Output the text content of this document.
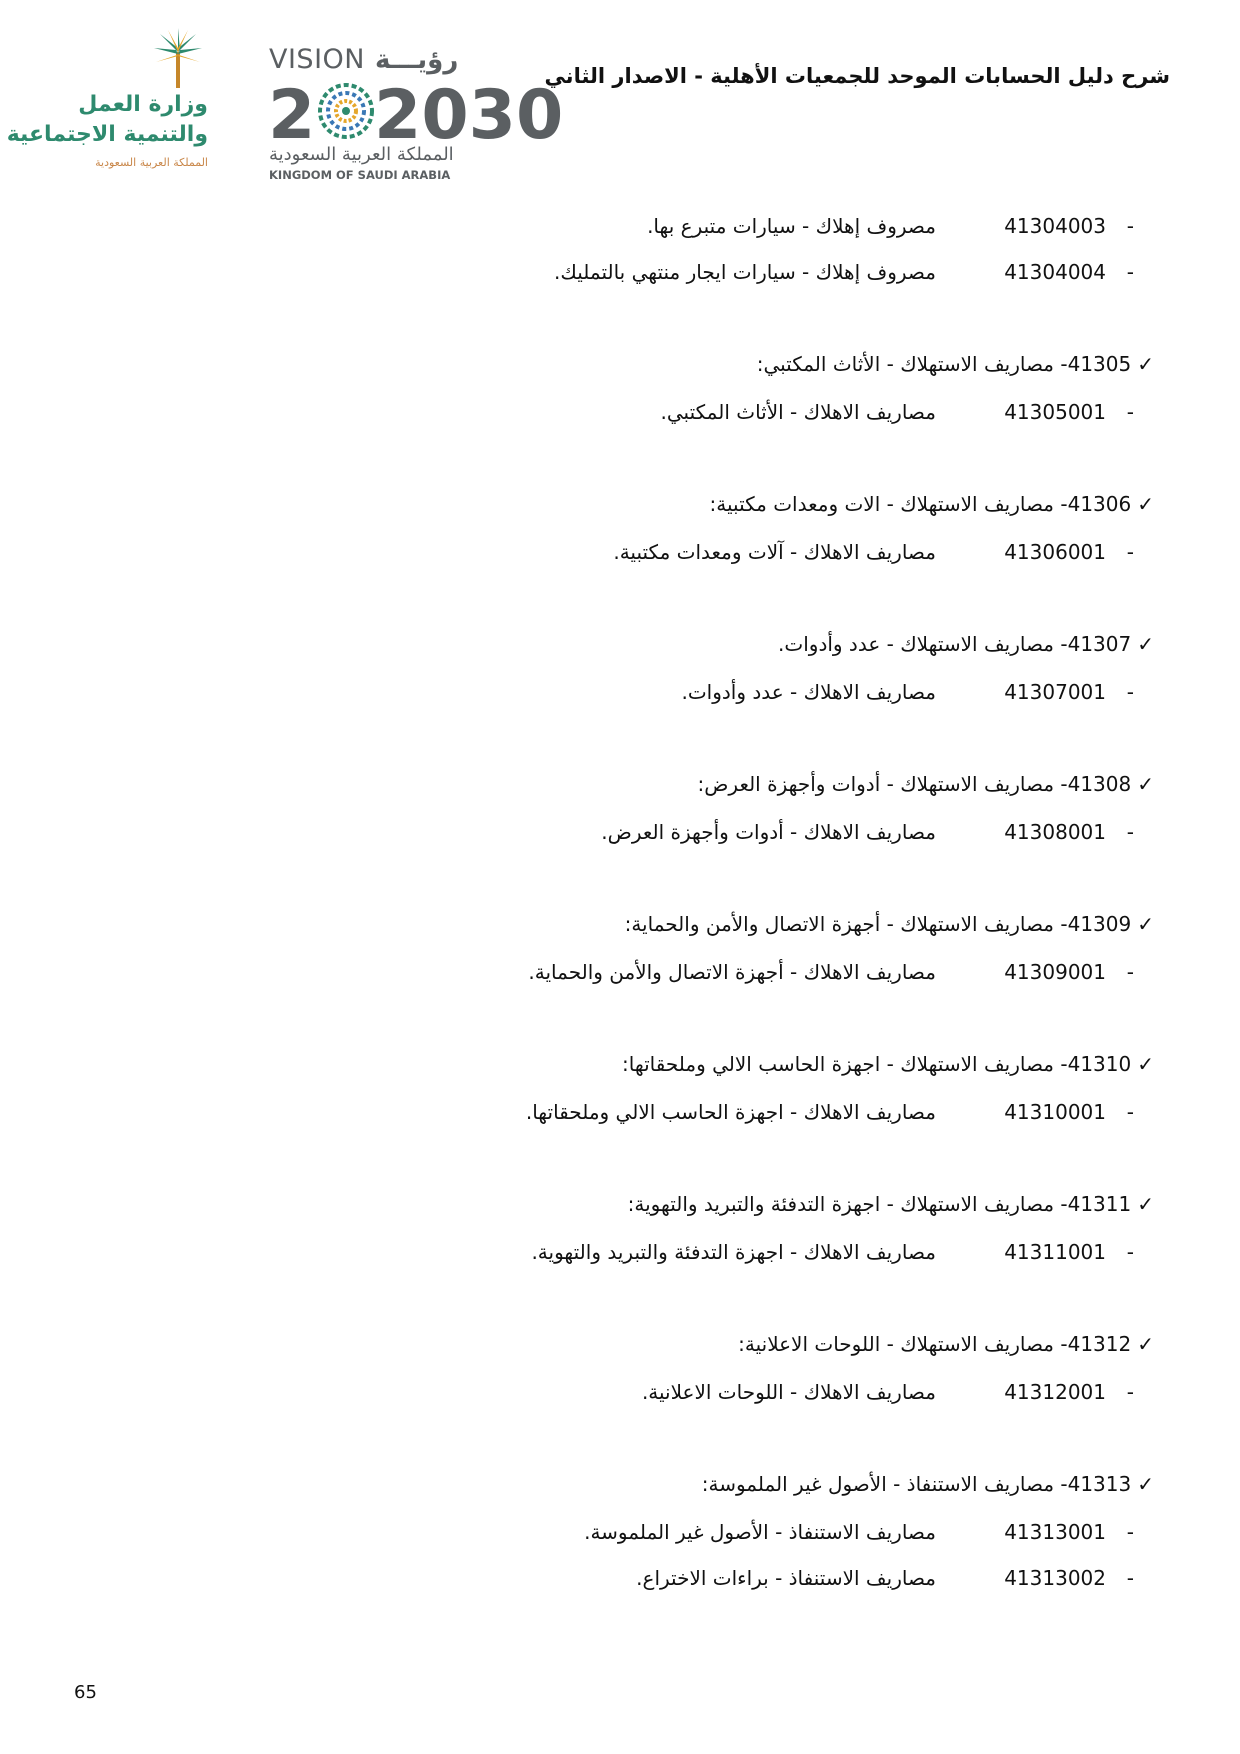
وزارة العمل
والتنمية الاجتماعية
المملكة العربية السعودية
VISION رؤيـــة
2 2030
المملكة العربية السعودية
KINGDOM OF SAUDI ARABIA
شرح دليل الحسابات الموحد للجمعيات الأهلية - الاصدار الثاني
-
41304003
مصروف إهلاك - سيارات متبرع بها.
-
41304004
مصروف إهلاك - سيارات ايجار منتهي بالتمليك.
✓
41305- مصاريف الاستهلاك - الأثاث المكتبي:
-
41305001
مصاريف الاهلاك - الأثاث المكتبي.
✓
41306- مصاريف الاستهلاك - الات ومعدات مكتبية:
-
41306001
مصاريف الاهلاك - آلات ومعدات مكتبية.
✓
41307- مصاريف الاستهلاك - عدد وأدوات.
-
41307001
مصاريف الاهلاك - عدد وأدوات.
✓
41308- مصاريف الاستهلاك - أدوات وأجهزة العرض:
-
41308001
مصاريف الاهلاك - أدوات وأجهزة العرض.
✓
41309- مصاريف الاستهلاك - أجهزة الاتصال والأمن والحماية:
-
41309001
مصاريف الاهلاك - أجهزة الاتصال والأمن والحماية.
✓
41310- مصاريف الاستهلاك - اجهزة الحاسب الالي وملحقاتها:
-
41310001
مصاريف الاهلاك - اجهزة الحاسب الالي وملحقاتها.
✓
41311- مصاريف الاستهلاك - اجهزة التدفئة والتبريد والتهوية:
-
41311001
مصاريف الاهلاك - اجهزة التدفئة والتبريد والتهوية.
✓
41312- مصاريف الاستهلاك - اللوحات الاعلانية:
-
41312001
مصاريف الاهلاك - اللوحات الاعلانية.
✓
41313- مصاريف الاستنفاذ - الأصول غير الملموسة:
-
41313001
مصاريف الاستنفاذ - الأصول غير الملموسة.
-
41313002
مصاريف الاستنفاذ - براءات الاختراع.
65
